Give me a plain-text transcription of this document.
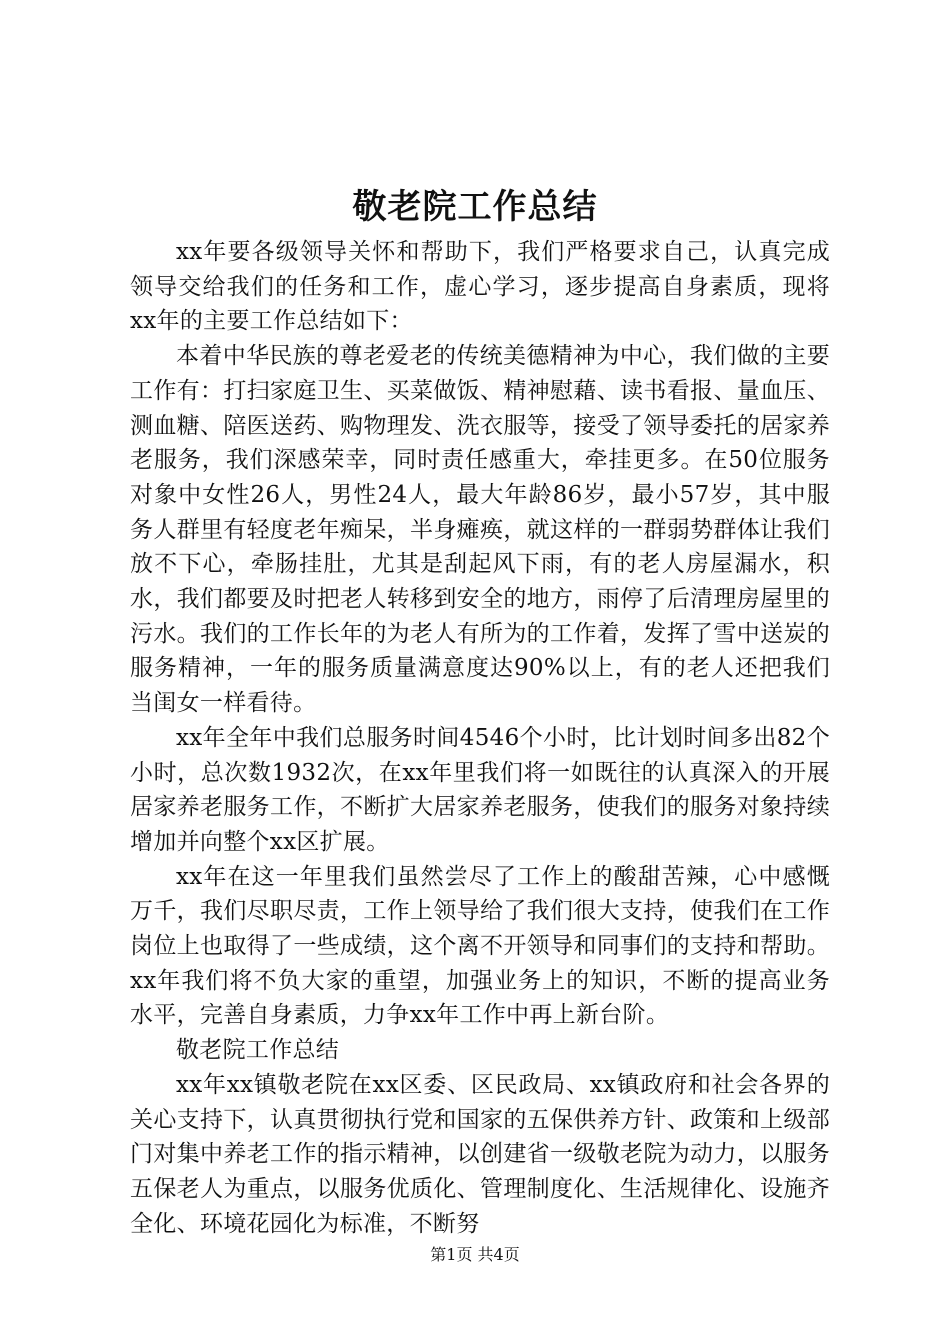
敬老院工作总结

xx年要各级领导关怀和帮助下，我们严格要求自己，认真完成领导交给我们的任务和工作，虚心学习，逐步提高自身素质，现将xx年的主要工作总结如下：

本着中华民族的尊老爱老的传统美德精神为中心，我们做的主要工作有：打扫家庭卫生、买菜做饭、精神慰藉、读书看报、量血压、测血糖、陪医送药、购物理发、洗衣服等，接受了领导委托的居家养老服务，我们深感荣幸，同时责任感重大，牵挂更多。在50位服务对象中女性26人，男性24人，最大年龄86岁，最小57岁，其中服务人群里有轻度老年痴呆，半身瘫痪，就这样的一群弱势群体让我们放不下心，牵肠挂肚，尤其是刮起风下雨，有的老人房屋漏水，积水，我们都要及时把老人转移到安全的地方，雨停了后清理房屋里的污水。我们的工作长年的为老人有所为的工作着，发挥了雪中送炭的服务精神，一年的服务质量满意度达90%以上，有的老人还把我们当闺女一样看待。

xx年全年中我们总服务时间4546个小时，比计划时间多出82个小时，总次数1932次，在xx年里我们将一如既往的认真深入的开展居家养老服务工作，不断扩大居家养老服务，使我们的服务对象持续增加并向整个xx区扩展。

xx年在这一年里我们虽然尝尽了工作上的酸甜苦辣，心中感慨万千，我们尽职尽责，工作上领导给了我们很大支持，使我们在工作岗位上也取得了一些成绩，这个离不开领导和同事们的支持和帮助。xx年我们将不负大家的重望，加强业务上的知识，不断的提高业务水平，完善自身素质，力争xx年工作中再上新台阶。

敬老院工作总结

xx年xx镇敬老院在xx区委、区民政局、xx镇政府和社会各界的关心支持下，认真贯彻执行党和国家的五保供养方针、政策和上级部门对集中养老工作的指示精神，以创建省一级敬老院为动力，以服务五保老人为重点，以服务优质化、管理制度化、生活规律化、设施齐全化、环境花园化为标准，不断努

第1页 共4页
